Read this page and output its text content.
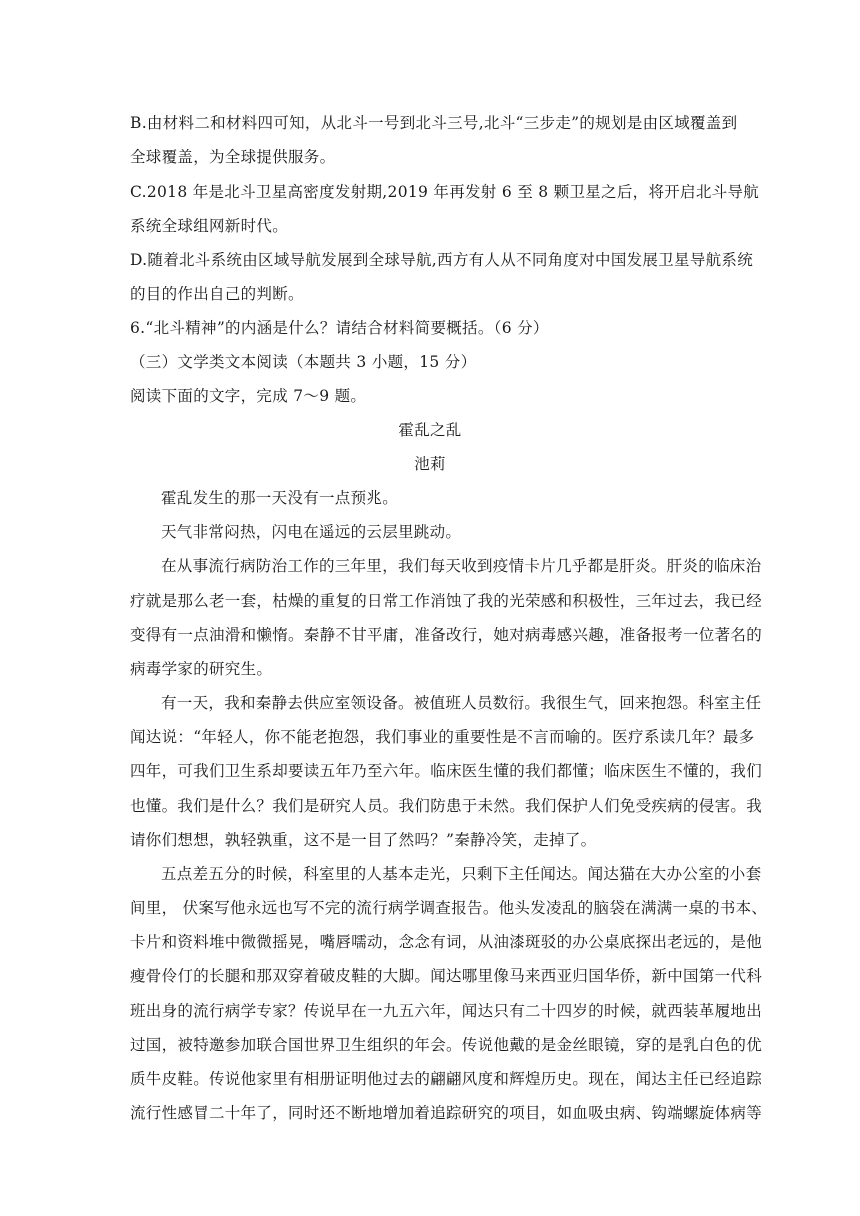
B.由材料二和材料四可知，从北斗一号到北斗三号,北斗“三步走”的规划是由区域覆盖到
全球覆盖，为全球提供服务。
C.2018 年是北斗卫星高密度发射期,2019 年再发射 6 至 8 颗卫星之后，将开启北斗导航
系统全球组网新时代。
D.随着北斗系统由区域导航发展到全球导航,西方有人从不同角度对中国发展卫星导航系统
的目的作出自己的判断。
6.“北斗精神”的内涵是什么？请结合材料简要概括。（6 分）
（三）文学类文本阅读（本题共 3 小题，15 分）
阅读下面的文字，完成 7～9 题。
霍乱之乱
池莉
霍乱发生的那一天没有一点预兆。
天气非常闷热，闪电在遥远的云层里跳动。
在从事流行病防治工作的三年里，我们每天收到疫情卡片几乎都是肝炎。肝炎的临床治
疗就是那么老一套，枯燥的重复的日常工作消蚀了我的光荣感和积极性，三年过去，我已经
变得有一点油滑和懒惰。秦静不甘平庸，准备改行，她对病毒感兴趣，准备报考一位著名的
病毒学家的研究生。
有一天，我和秦静去供应室领设备。被值班人员数衍。我很生气，回来抱怨。科室主任
闻达说：“年轻人，你不能老抱怨，我们事业的重要性是不言而喻的。医疗系读几年？最多
四年，可我们卫生系却要读五年乃至六年。临床医生懂的我们都懂；临床医生不懂的，我们
也懂。我们是什么？我们是研究人员。我们防患于未然。我们保护人们免受疾病的侵害。我
请你们想想，孰轻孰重，这不是一目了然吗？”秦静冷笑，走掉了。
五点差五分的时候，科室里的人基本走光，只剩下主任闻达。闻达猫在大办公室的小套
间里， 伏案写他永远也写不完的流行病学调查报告。他头发凌乱的脑袋在满满一桌的书本、
卡片和资料堆中微微摇晃，嘴唇嚅动，念念有词，从油漆斑驳的办公桌底探出老远的，是他
瘦骨伶仃的长腿和那双穿着破皮鞋的大脚。闻达哪里像马来西亚归国华侨，新中国第一代科
班出身的流行病学专家？传说早在一九五六年，闻达只有二十四岁的时候，就西装革履地出
过国，被特邀参加联合国世界卫生组织的年会。传说他戴的是金丝眼镜，穿的是乳白色的优
质牛皮鞋。传说他家里有相册证明他过去的翩翩风度和辉煌历史。现在，闻达主任已经追踪
流行性感冒二十年了，同时还不断地增加着追踪研究的项目，如血吸虫病、钩端螺旋体病等
